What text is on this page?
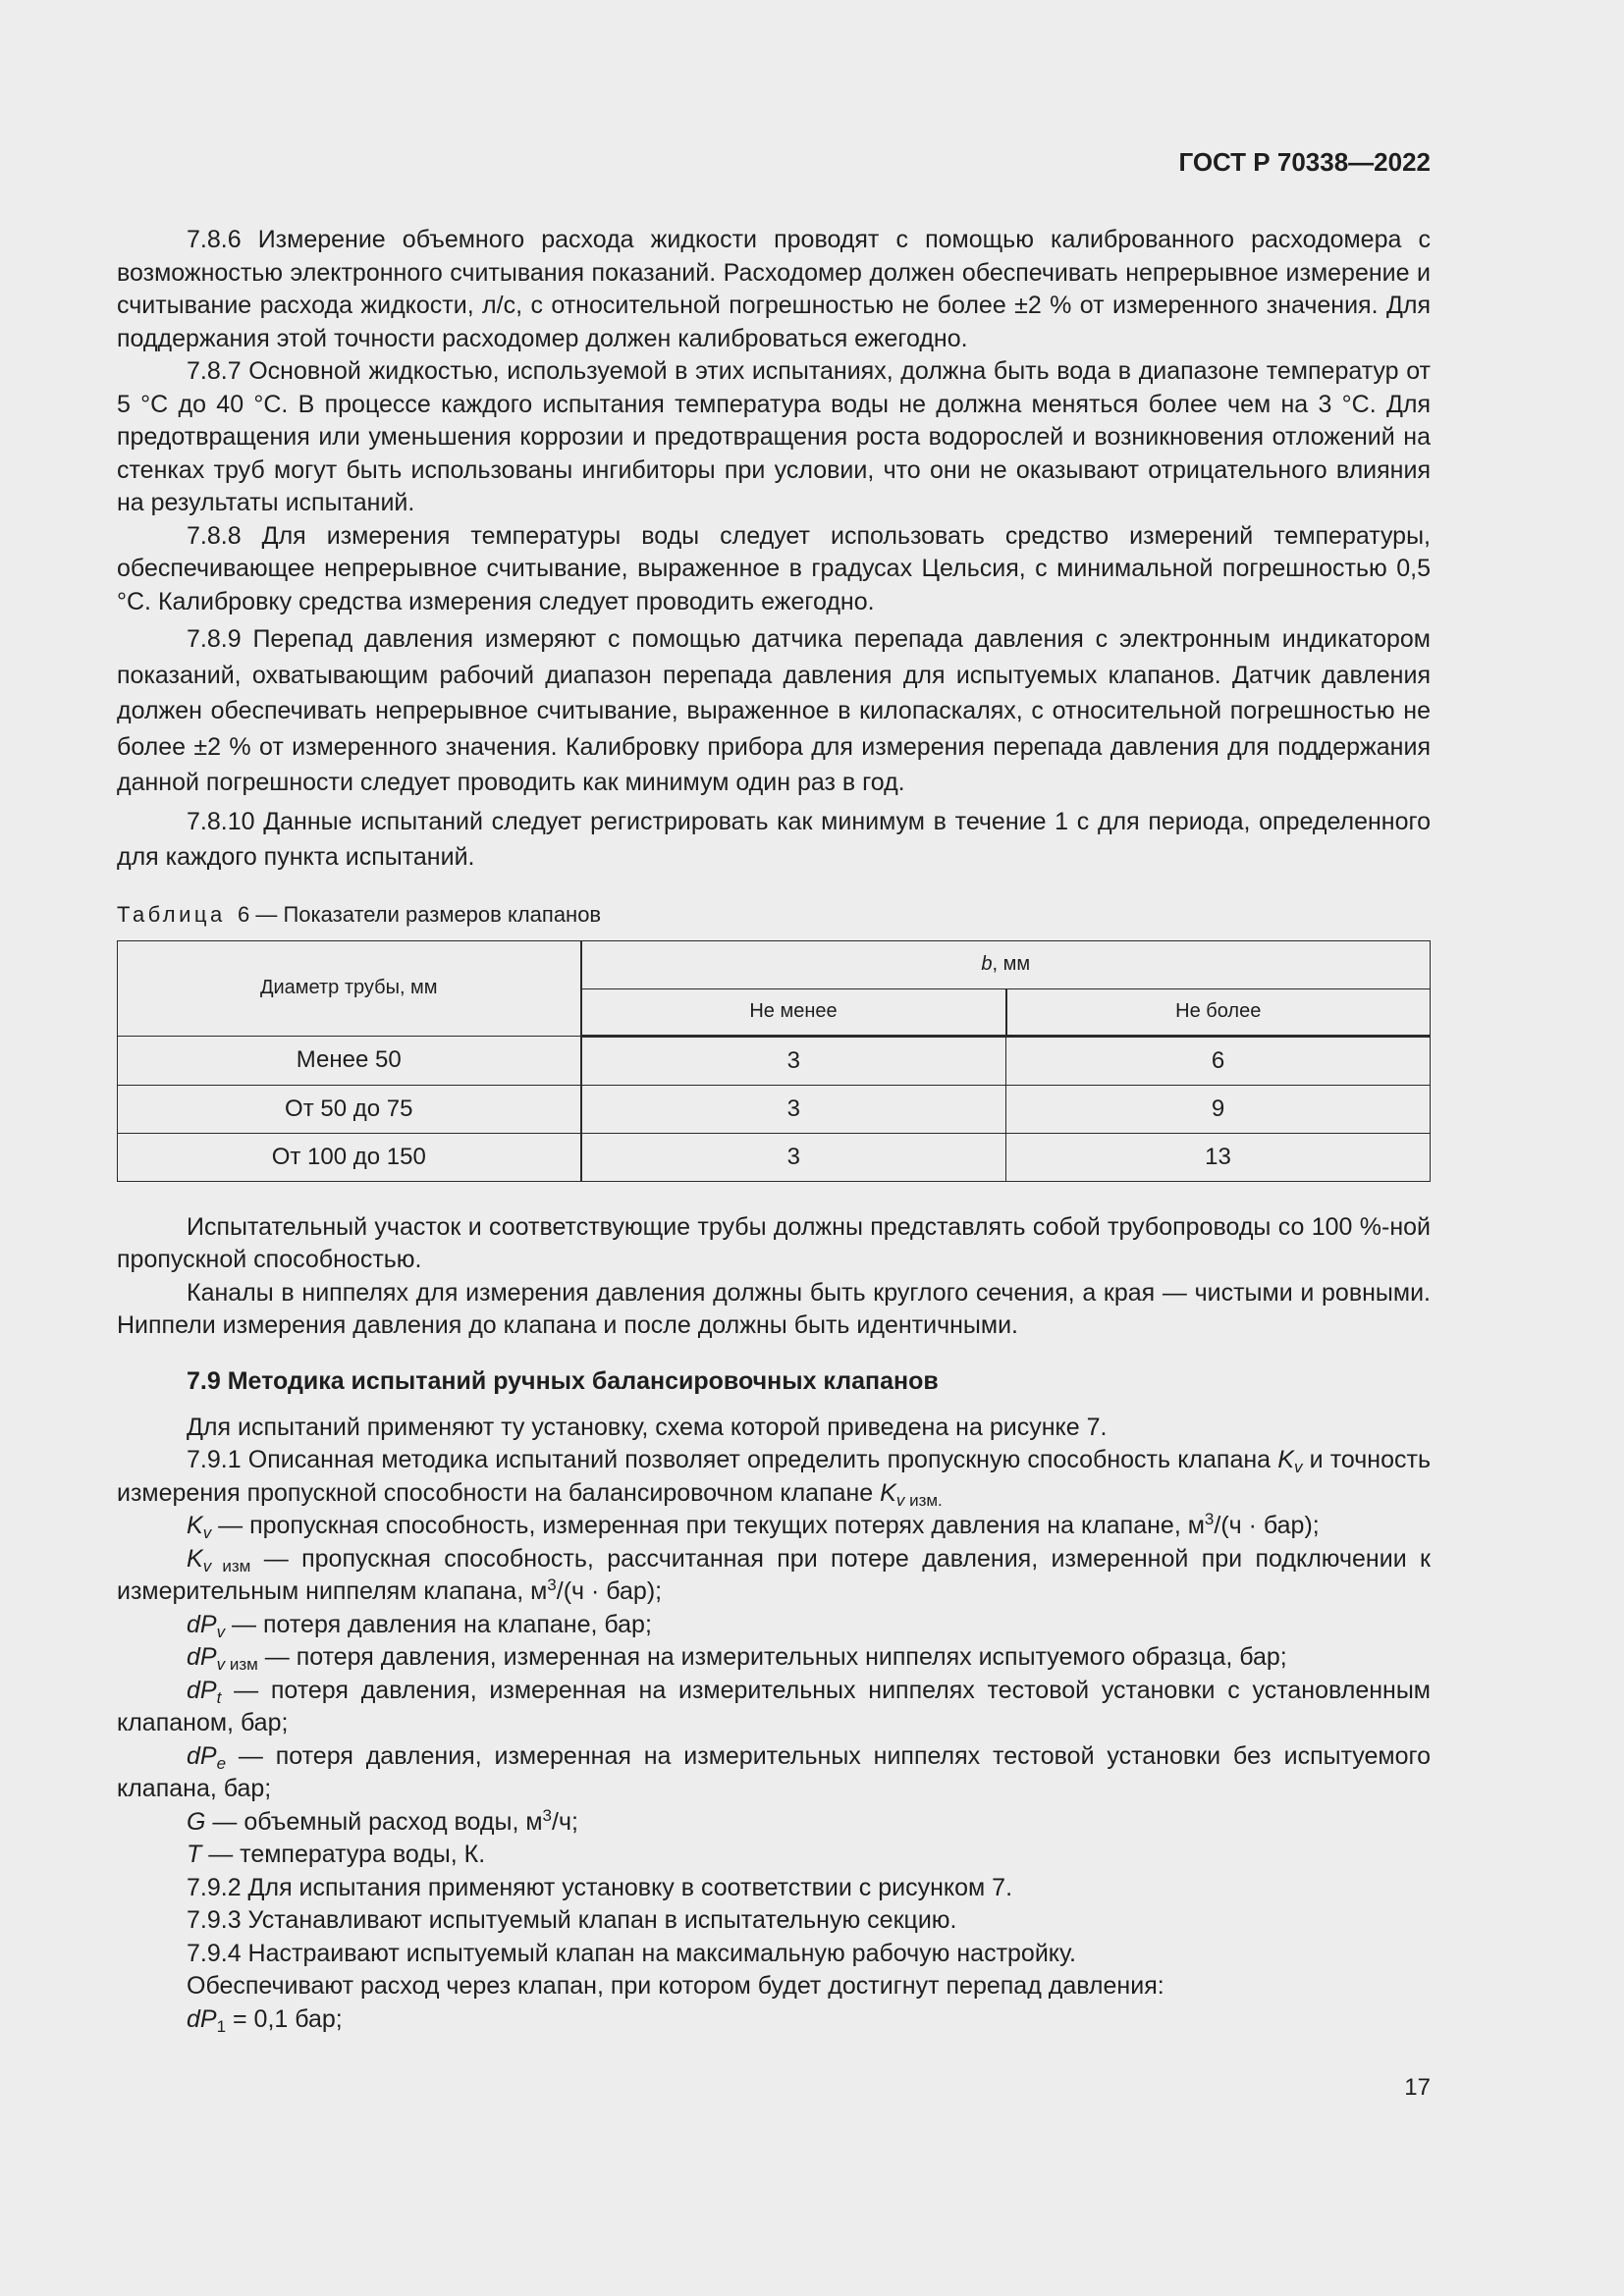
ГОСТ Р 70338—2022

7.8.6 Измерение объемного расхода жидкости проводят с помощью калиброванного расходомера с возможностью электронного считывания показаний. Расходомер должен обеспечивать непрерывное измерение и считывание расхода жидкости, л/с, с относительной погрешностью не более ±2 % от измеренного значения. Для поддержания этой точности расходомер должен калиброваться ежегодно.

7.8.7 Основной жидкостью, используемой в этих испытаниях, должна быть вода в диапазоне температур от 5 °С до 40 °С. В процессе каждого испытания температура воды не должна меняться более чем на 3 °С. Для предотвращения или уменьшения коррозии и предотвращения роста водорослей и возникновения отложений на стенках труб могут быть использованы ингибиторы при условии, что они не оказывают отрицательного влияния на результаты испытаний.

7.8.8 Для измерения температуры воды следует использовать средство измерений температуры, обеспечивающее непрерывное считывание, выраженное в градусах Цельсия, с минимальной погрешностью 0,5 °С. Калибровку средства измерения следует проводить ежегодно.

7.8.9 Перепад давления измеряют с помощью датчика перепада давления с электронным индикатором показаний, охватывающим рабочий диапазон перепада давления для испытуемых клапанов. Датчик давления должен обеспечивать непрерывное считывание, выраженное в килопаскалях, с относительной погрешностью не более ±2 % от измеренного значения. Калибровку прибора для измерения перепада давления для поддержания данной погрешности следует проводить как минимум один раз в год.

7.8.10 Данные испытаний следует регистрировать как минимум в течение 1 с для периода, определенного для каждого пункта испытаний.

Таблица 6 — Показатели размеров клапанов
Диаметр трубы, мм	b, мм	
	Не менее	Не более
Менее 50	3	6
От 50 до 75	3	9
От 100 до 150	3	13

Испытательный участок и соответствующие трубы должны представлять собой трубопроводы со 100 %-ной пропускной способностью.

Каналы в ниппелях для измерения давления должны быть круглого сечения, а края — чистыми и ровными. Ниппели измерения давления до клапана и после должны быть идентичными.

7.9 Методика испытаний ручных балансировочных клапанов

Для испытаний применяют ту установку, схема которой приведена на рисунке 7.

7.9.1 Описанная методика испытаний позволяет определить пропускную способность клапана $K_v$ и точность измерения пропускной способности на балансировочном клапане $K_{v изм.}$

$K_v$ — пропускная способность, измеренная при текущих потерях давления на клапане, $м^3/(ч \cdot бар)$;

$K_{v изм}$ — пропускная способность, рассчитанная при потере давления, измеренной при подключении к измерительным ниппелям клапана, $м^3/(ч \cdot бар)$;

$dP_v$ — потеря давления на клапане, бар;

$dP_{v изм}$ — потеря давления, измеренная на измерительных ниппелях испытуемого образца, бар;

$dP_t$ — потеря давления, измеренная на измерительных ниппелях тестовой установки с установленным клапаном, бар;

$dP_e$ — потеря давления, измеренная на измерительных ниппелях тестовой установки без испытуемого клапана, бар;

G — объемный расход воды, $м^3/ч$;

T — температура воды, К.

7.9.2 Для испытания применяют установку в соответствии с рисунком 7.

7.9.3 Устанавливают испытуемый клапан в испытательную секцию.

7.9.4 Настраивают испытуемый клапан на максимальную рабочую настройку.

Обеспечивают расход через клапан, при котором будет достигнут перепад давления:

$dP_1 = 0,1$ бар;

17
